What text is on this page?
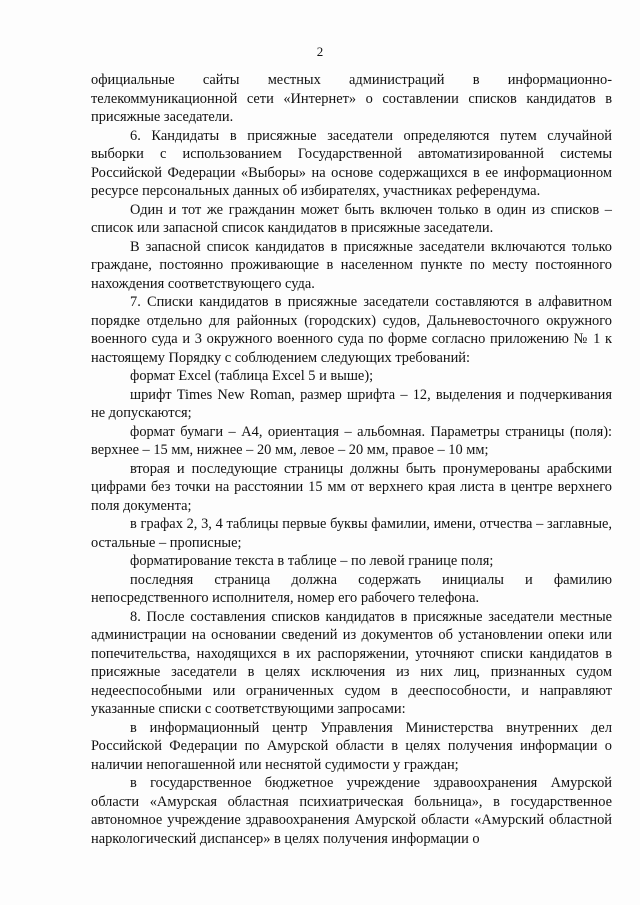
2

официальные сайты местных администраций в информационно-телекоммуникационной сети «Интернет» о составлении списков кандидатов в присяжные заседатели.

6. Кандидаты в присяжные заседатели определяются путем случайной выборки с использованием Государственной автоматизированной системы Российской Федерации «Выборы» на основе содержащихся в ее информационном ресурсе персональных данных об избирателях, участниках референдума.

Один и тот же гражданин может быть включен только в один из списков – список или запасной список кандидатов в присяжные заседатели.

В запасной список кандидатов в присяжные заседатели включаются только граждане, постоянно проживающие в населенном пункте по месту постоянного нахождения соответствующего суда.

7. Списки кандидатов в присяжные заседатели составляются в алфавитном порядке отдельно для районных (городских) судов, Дальневосточного окружного военного суда и 3 окружного военного суда по форме согласно приложению № 1 к настоящему Порядку с соблюдением следующих требований:

формат Excel (таблица Excel 5 и выше);

шрифт Times New Roman, размер шрифта – 12, выделения и подчеркивания не допускаются;

формат бумаги – А4, ориентация – альбомная. Параметры страницы (поля): верхнее – 15 мм, нижнее – 20 мм, левое – 20 мм, правое – 10 мм;

вторая и последующие страницы должны быть пронумерованы арабскими цифрами без точки на расстоянии 15 мм от верхнего края листа в центре верхнего поля документа;

в графах 2, 3, 4 таблицы первые буквы фамилии, имени, отчества – заглавные, остальные – прописные;

форматирование текста в таблице – по левой границе поля;

последняя страница должна содержать инициалы и фамилию непосредственного исполнителя, номер его рабочего телефона.

8. После составления списков кандидатов в присяжные заседатели местные администрации на основании сведений из документов об установлении опеки или попечительства, находящихся в их распоряжении, уточняют списки кандидатов в присяжные заседатели в целях исключения из них лиц, признанных судом недееспособными или ограниченных судом в дееспособности, и направляют указанные списки с соответствующими запросами:

в информационный центр Управления Министерства внутренних дел Российской Федерации по Амурской области в целях получения информации о наличии непогашенной или неснятой судимости у граждан;

в государственное бюджетное учреждение здравоохранения Амурской области «Амурская областная психиатрическая больница», в государственное автономное учреждение здравоохранения Амурской области «Амурский областной наркологический диспансер» в целях получения информации о
